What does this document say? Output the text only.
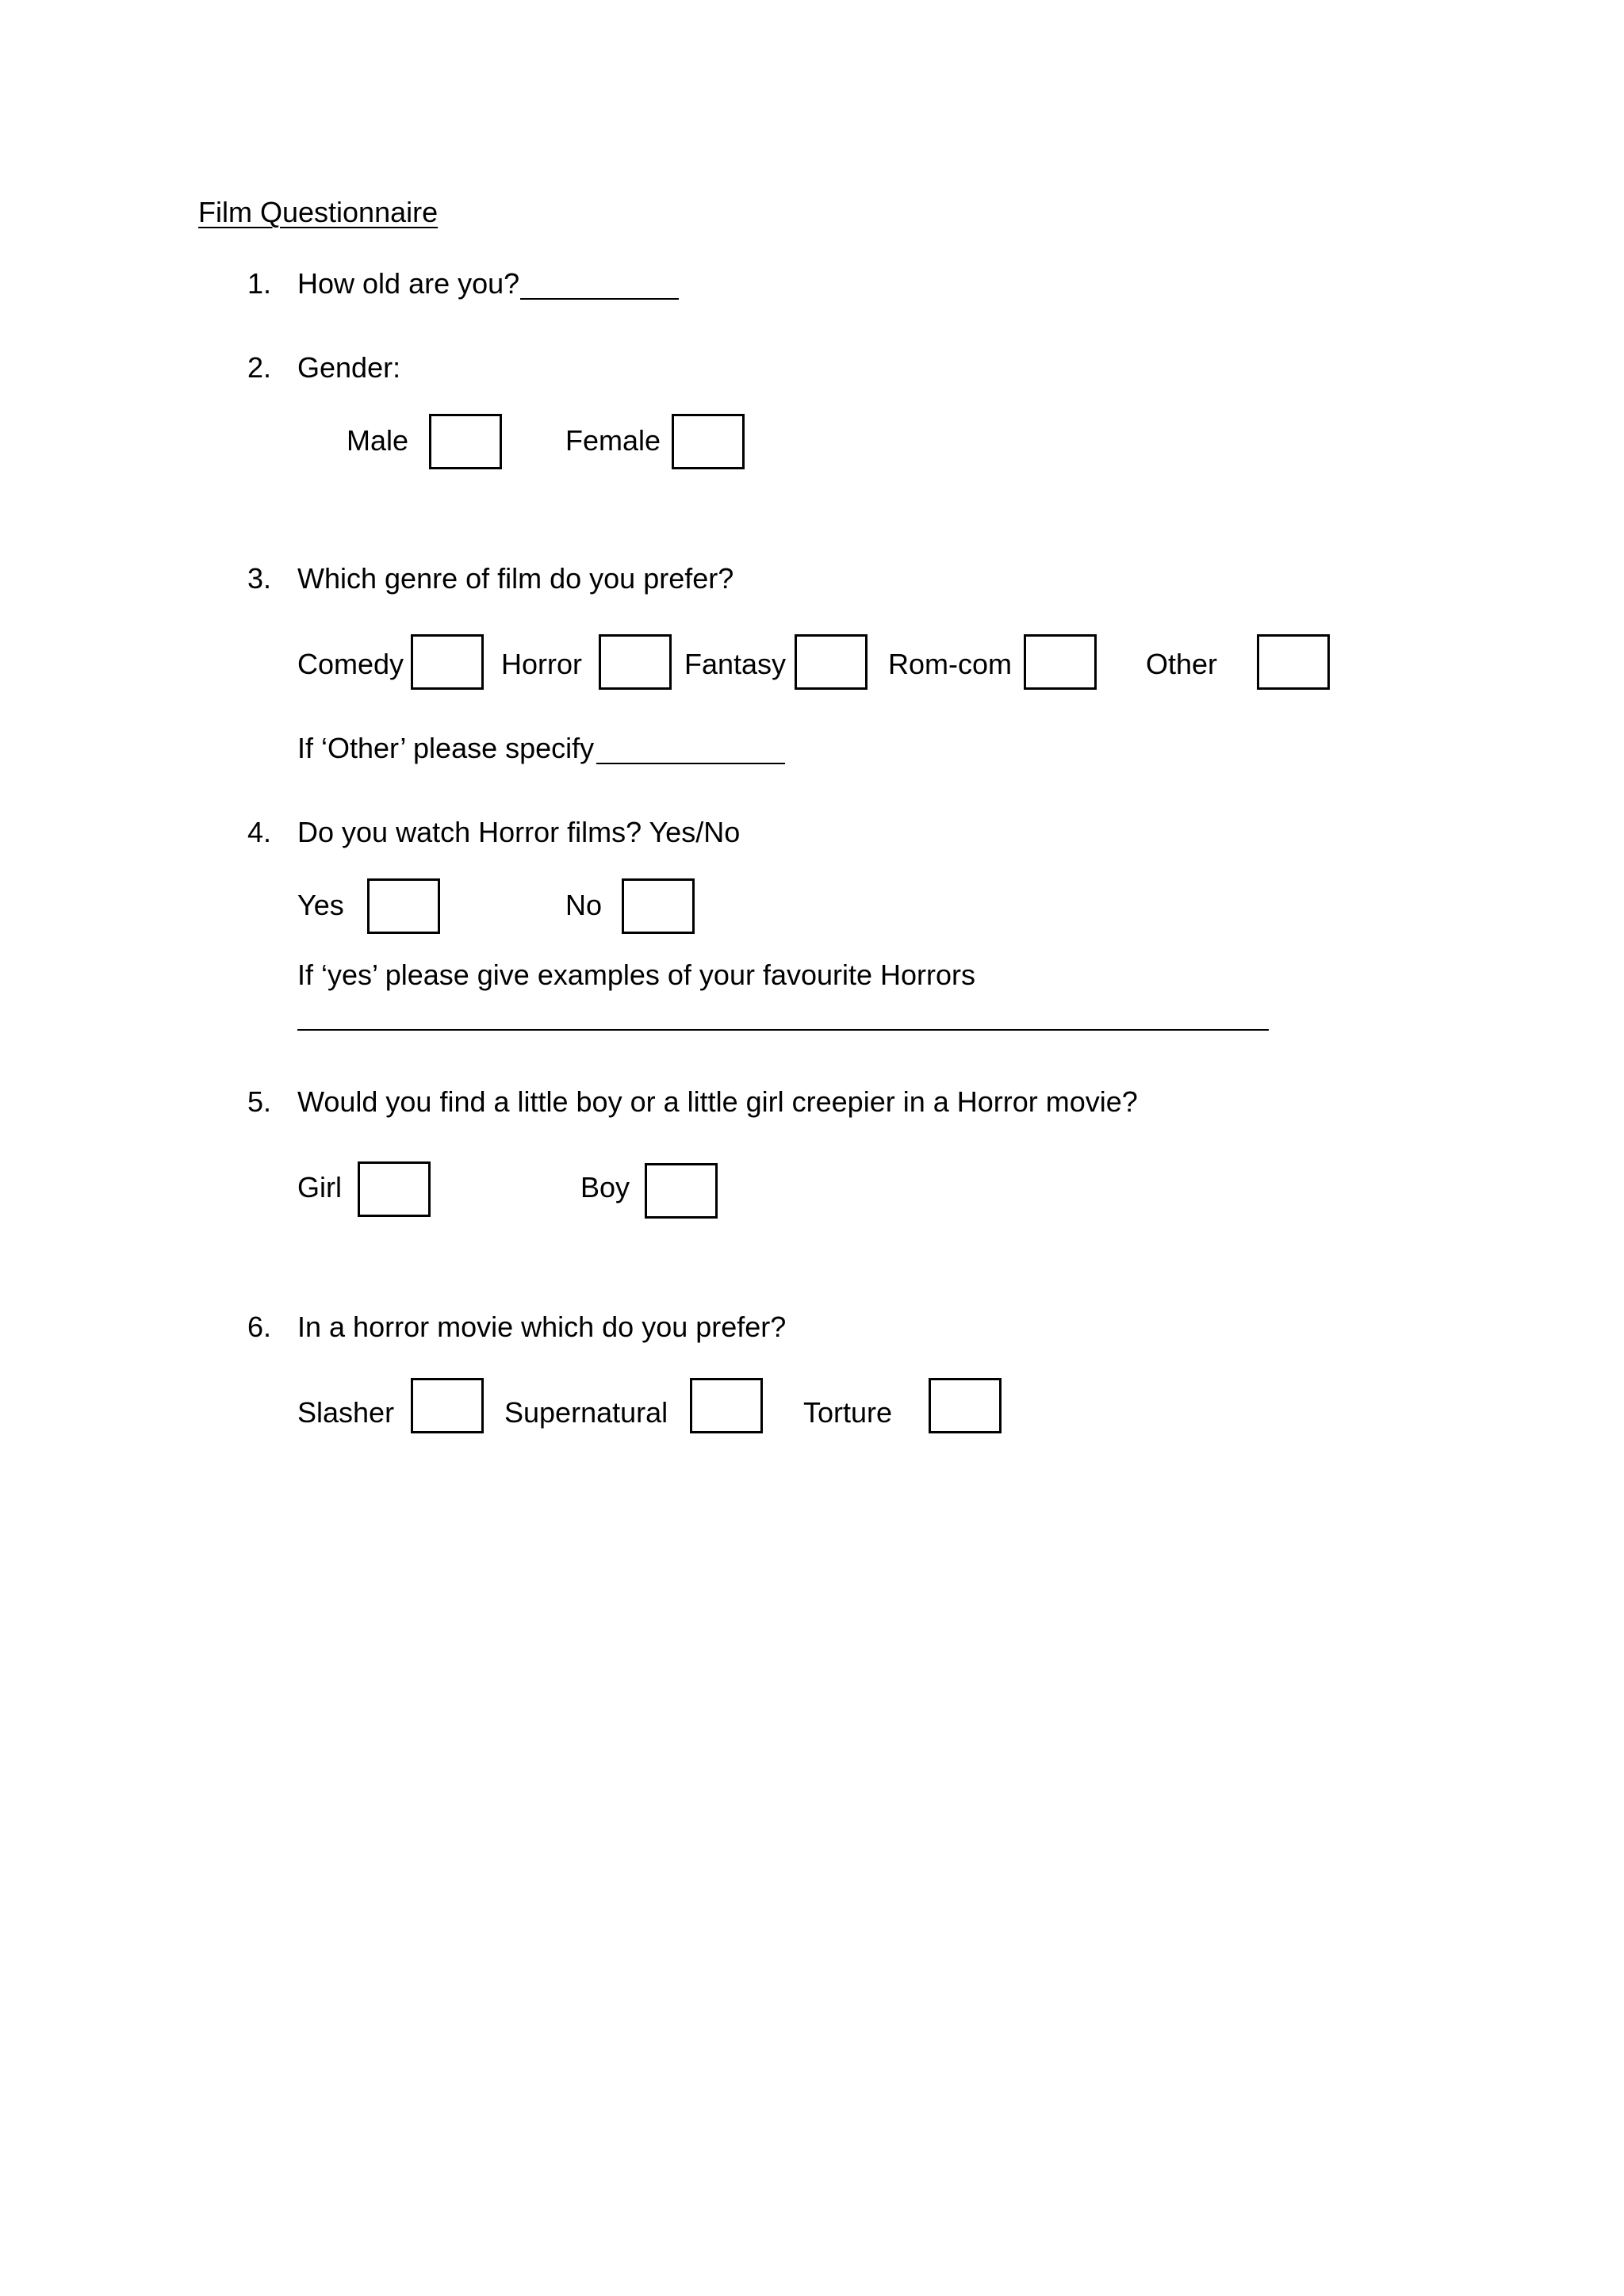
Film Questionnaire
1. How old are you?
2. Gender:
Male	Female
3. Which genre of film do you prefer?
Comedy	Horror	Fantasy	Rom-com	Other
If ‘Other’ please specify
4. Do you watch Horror films? Yes/No
Yes	No
If ‘yes’ please give examples of your favourite Horrors
5. Would you find a little boy or a little girl creepier in a Horror movie?
Girl	Boy
6. In a horror movie which do you prefer?
Slasher	Supernatural	Torture
